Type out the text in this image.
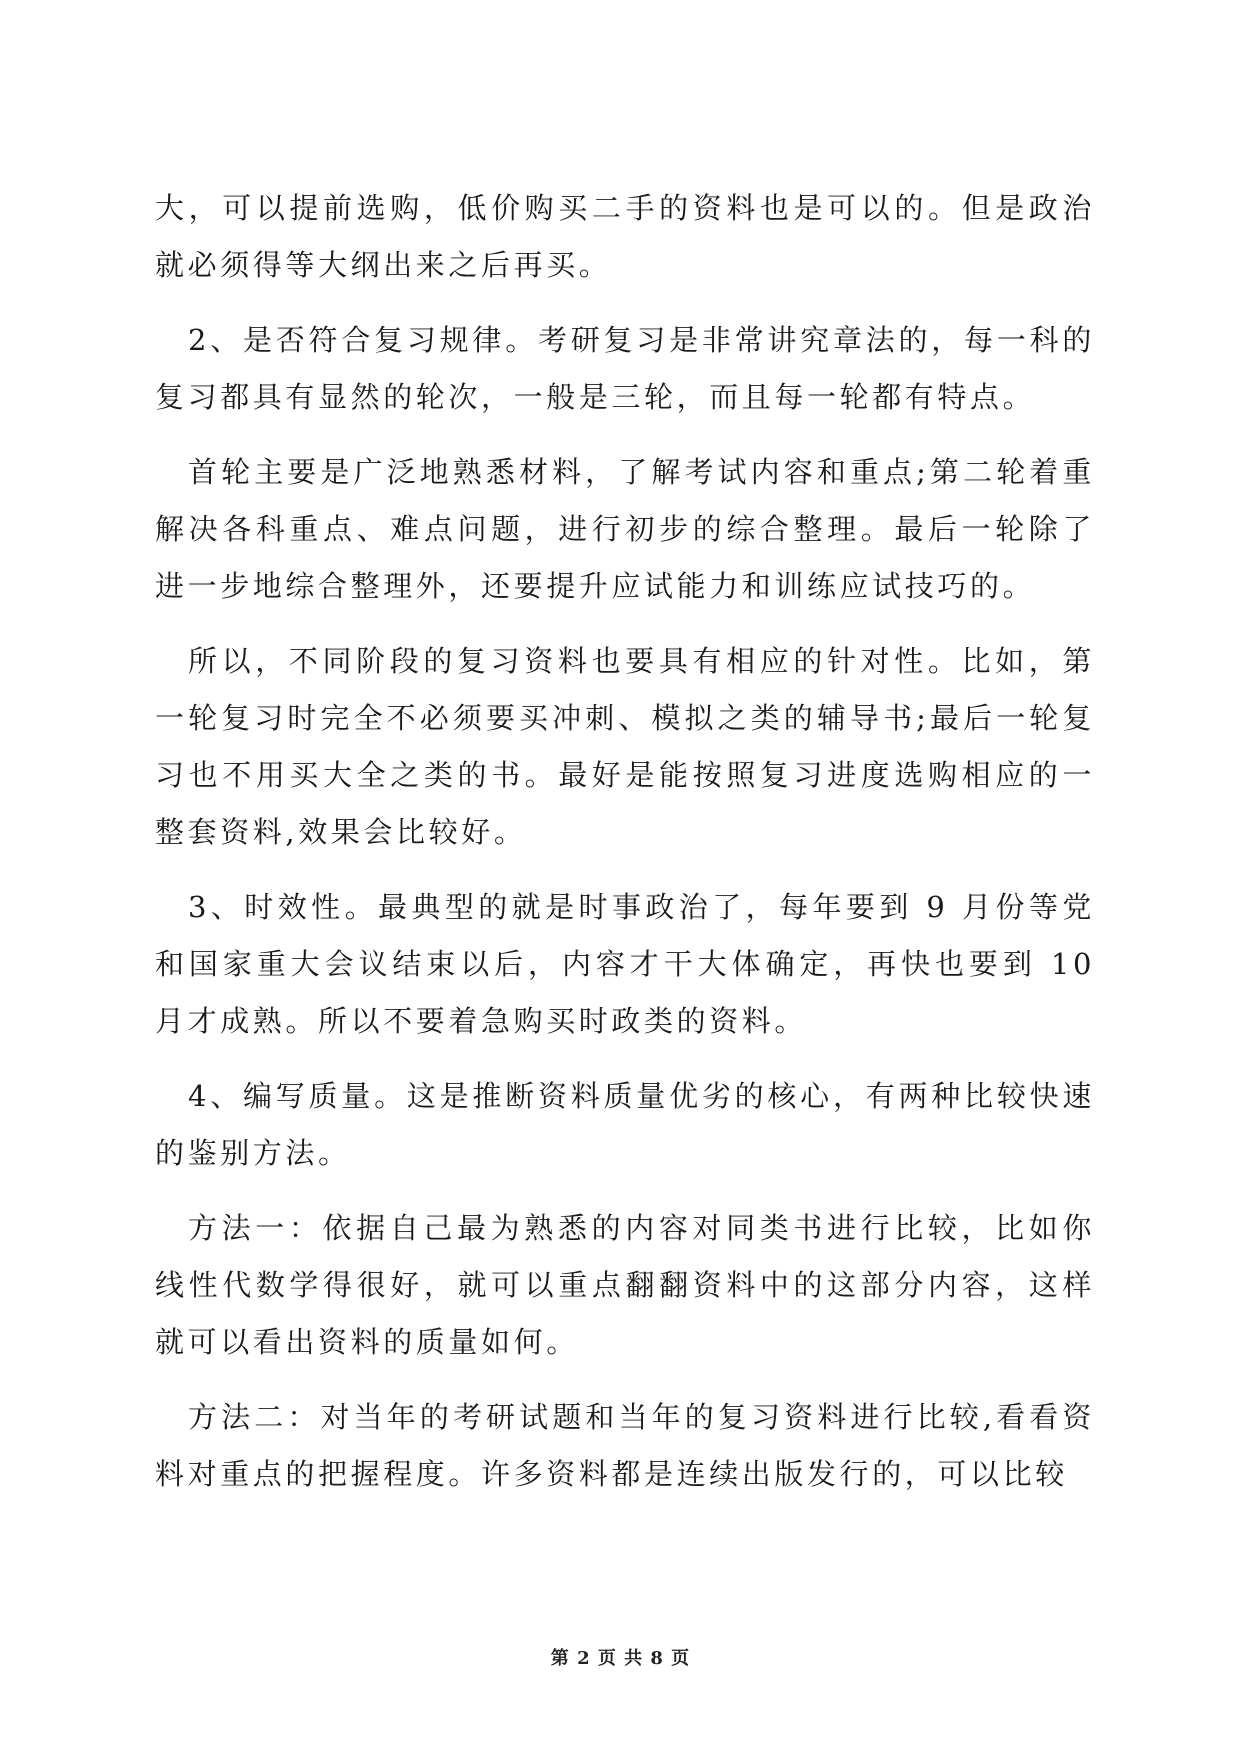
大，可以提前选购，低价购买二手的资料也是可以的。但是政治就必须得等大纲出来之后再买。

2、是否符合复习规律。考研复习是非常讲究章法的，每一科的复习都具有显然的轮次，一般是三轮，而且每一轮都有特点。

首轮主要是广泛地熟悉材料，了解考试内容和重点;第二轮着重解决各科重点、难点问题，进行初步的综合整理。最后一轮除了进一步地综合整理外，还要提升应试能力和训练应试技巧的。

所以，不同阶段的复习资料也要具有相应的针对性。比如，第一轮复习时完全不必须要买冲刺、模拟之类的辅导书;最后一轮复习也不用买大全之类的书。最好是能按照复习进度选购相应的一整套资料,效果会比较好。

3、时效性。最典型的就是时事政治了，每年要到 9 月份等党和国家重大会议结束以后，内容才干大体确定，再快也要到 10 月才成熟。所以不要着急购买时政类的资料。

4、编写质量。这是推断资料质量优劣的核心，有两种比较快速的鉴别方法。

方法一：依据自己最为熟悉的内容对同类书进行比较，比如你线性代数学得很好，就可以重点翻翻资料中的这部分内容，这样就可以看出资料的质量如何。

方法二：对当年的考研试题和当年的复习资料进行比较,看看资料对重点的把握程度。许多资料都是连续出版发行的，可以比较

第 2 页 共 8 页
